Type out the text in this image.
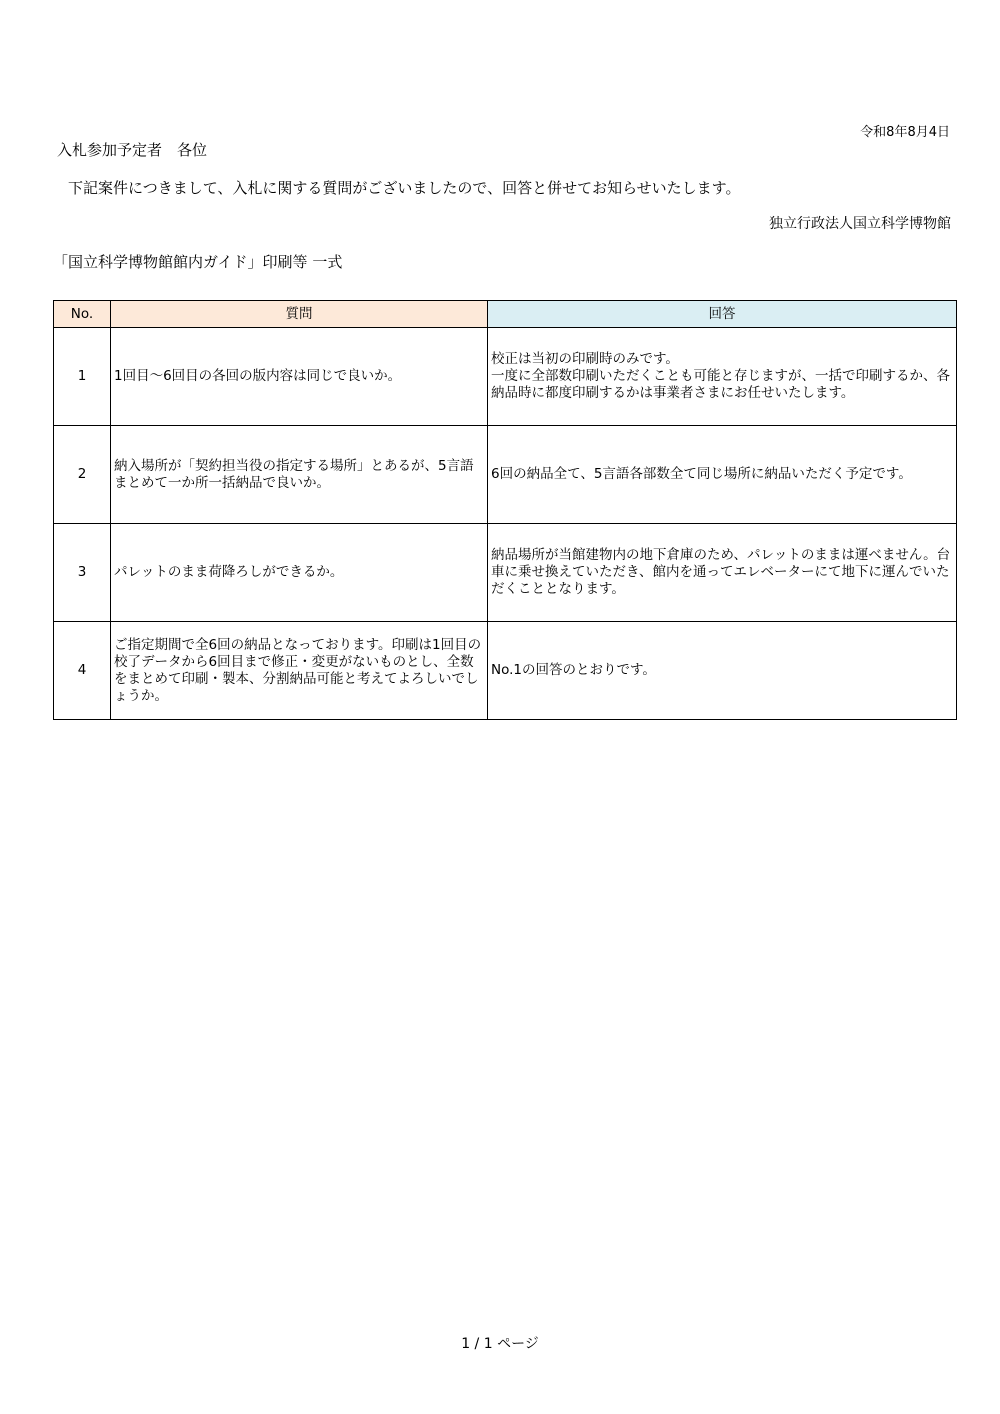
令和8年8月4日
入札参加予定者　各位
下記案件につきまして、入札に関する質問がございましたので、回答と併せてお知らせいたします。
独立行政法人国立科学博物館
「国立科学博物館館内ガイド」印刷等 一式
No.	質問	回答
1	1回目〜6回目の各回の版内容は同じで良いか。	校正は当初の印刷時のみです。
一度に全部数印刷いただくことも可能と存じますが、一括で印刷するか、各納品時に都度印刷するかは事業者さまにお任せいたします。
2	納入場所が「契約担当役の指定する場所」とあるが、5言語まとめて一か所一括納品で良いか。	6回の納品全て、5言語各部数全て同じ場所に納品いただく予定です。
3	パレットのまま荷降ろしができるか。	納品場所が当館建物内の地下倉庫のため、パレットのままは運べません。台車に乗せ換えていただき、館内を通ってエレベーターにて地下に運んでいただくこととなります。
4	ご指定期間で全6回の納品となっております。印刷は1回目の校了データから6回目まで修正・変更がないものとし、全数をまとめて印刷・製本、分割納品可能と考えてよろしいでしょうか。	No.1の回答のとおりです。
1 / 1 ページ
